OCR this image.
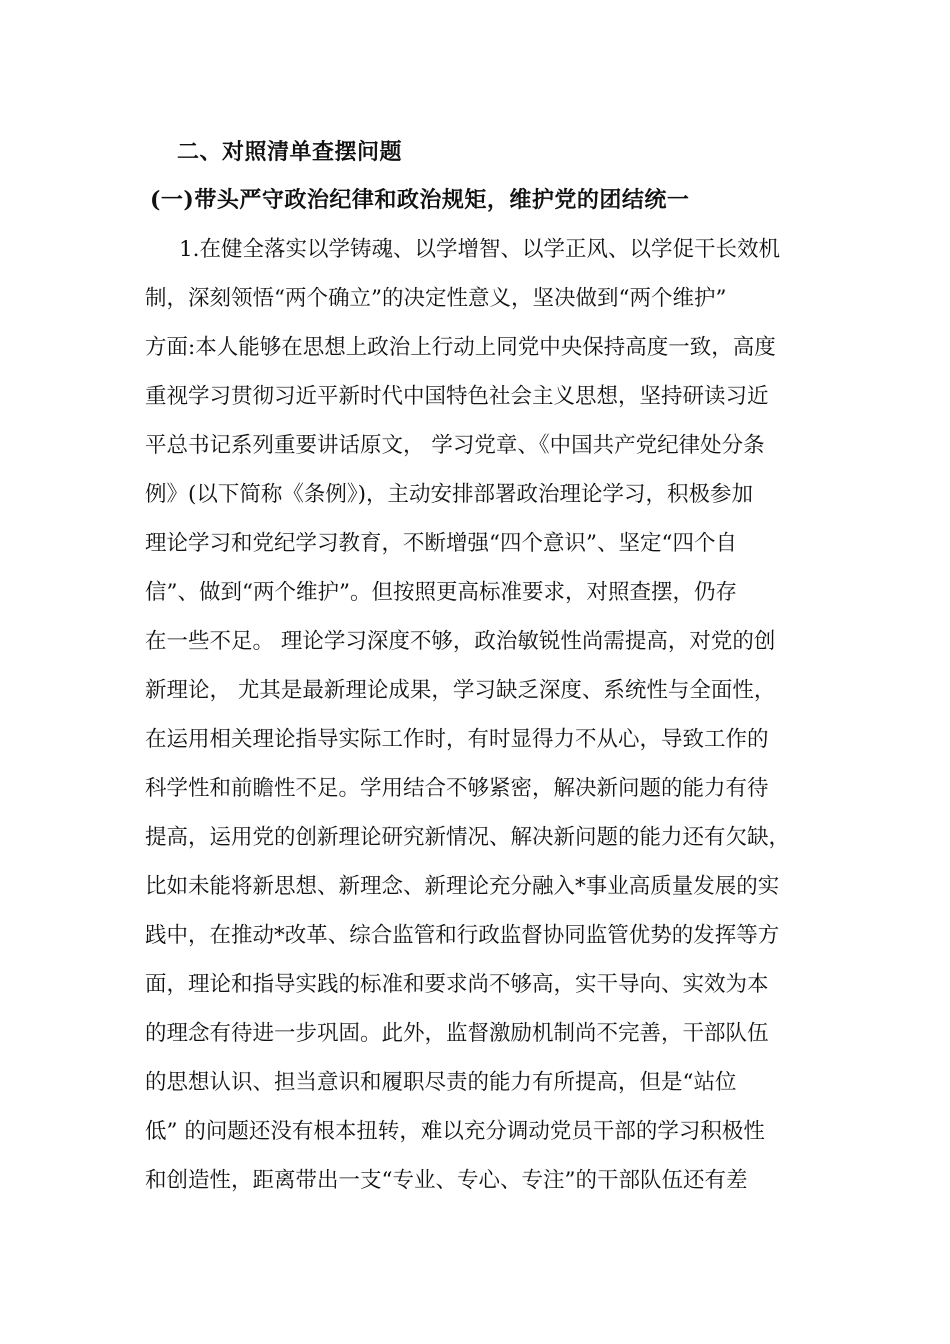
二、对照清单查摆问题
(一)带头严守政治纪律和政治规矩，维护党的团结统一
1.在健全落实以学铸魂、以学增智、以学正风、以学促干长效机
制，深刻领悟“两个确立”的决定性意义，坚决做到“两个维护”
方面:本人能够在思想上政治上行动上同党中央保持高度一致，高度
重视学习贯彻习近平新时代中国特色社会主义思想，坚持研读习近
平总书记系列重要讲话原文， 学习党章、《中国共产党纪律处分条
例》(以下简称《条例》)，主动安排部署政治理论学习，积极参加
理论学习和党纪学习教育，不断增强“四个意识”、坚定“四个自
信”、做到“两个维护”。但按照更高标准要求，对照查摆，仍存
在一些不足。 理论学习深度不够，政治敏锐性尚需提高，对党的创
新理论， 尤其是最新理论成果，学习缺乏深度、系统性与全面性，
在运用相关理论指导实际工作时，有时显得力不从心，导致工作的
科学性和前瞻性不足。学用结合不够紧密，解决新问题的能力有待
提高，运用党的创新理论研究新情况、解决新问题的能力还有欠缺，
比如未能将新思想、新理念、新理论充分融入*事业高质量发展的实
践中，在推动*改革、综合监管和行政监督协同监管优势的发挥等方
面，理论和指导实践的标准和要求尚不够高，实干导向、实效为本
的理念有待进一步巩固。此外，监督激励机制尚不完善，干部队伍
的思想认识、担当意识和履职尽责的能力有所提高，但是“站位
低” 的问题还没有根本扭转，难以充分调动党员干部的学习积极性
和创造性，距离带出一支“专业、专心、专注”的干部队伍还有差
